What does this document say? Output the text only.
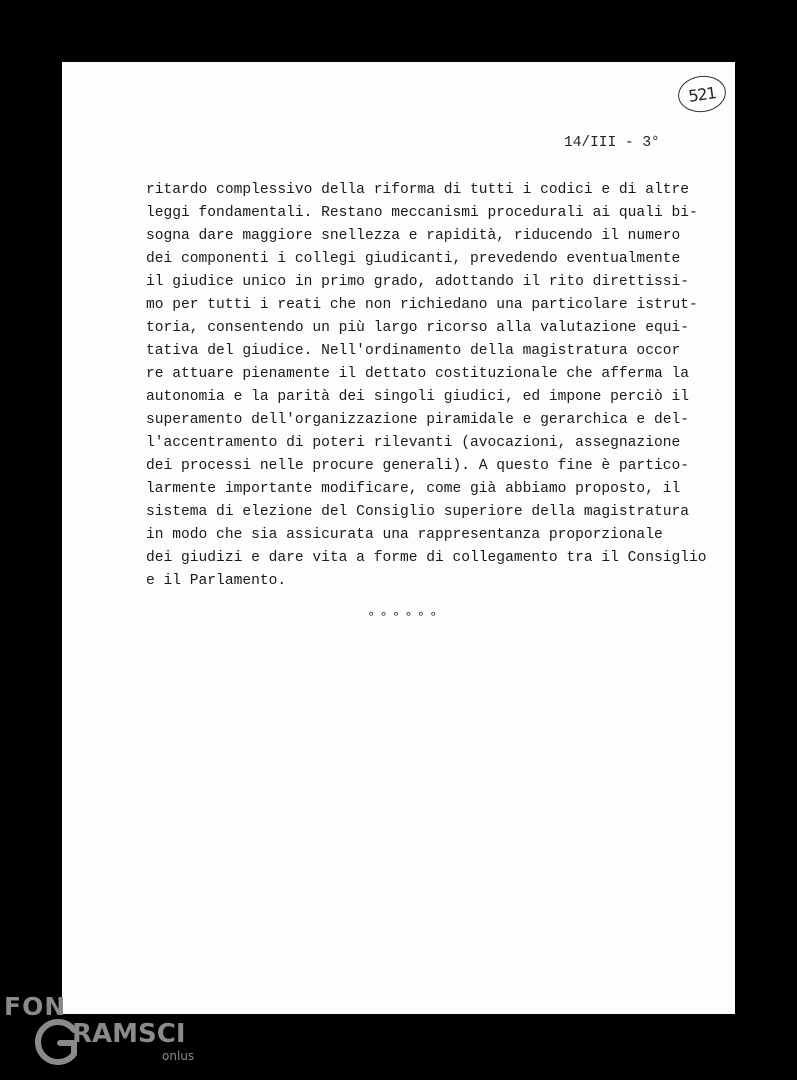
521
14/III - 3°
ritardo complessivo della riforma di tutti i codici e di altre
leggi fondamentali. Restano meccanismi procedurali ai quali bi-
sogna dare maggiore snellezza e rapidità, riducendo il numero
dei componenti i collegi giudicanti, prevedendo eventualmente
il giudice unico in primo grado, adottando il rito direttissi-
mo per tutti i reati che non richiedano una particolare istrut-
toria, consentendo un più largo ricorso alla valutazione equi-
tativa del giudice. Nell'ordinamento della magistratura occor
re attuare pienamente il dettato costituzionale che afferma la
autonomia e la parità dei singoli giudici, ed impone perciò il
superamento dell'organizzazione piramidale e gerarchica e del-
l'accentramento di poteri rilevanti (avocazioni, assegnazione
dei processi nelle procure generali). A questo fine è partico-
larmente importante modificare, come già abbiamo proposto, il
sistema di elezione del Consiglio superiore della magistratura
in modo che sia assicurata una rappresentanza proporzionale
dei giudizi e dare vita a forme di collegamento tra il Consiglio
e il Parlamento.
°°°°°°
FON
RAMSCI
onlus
